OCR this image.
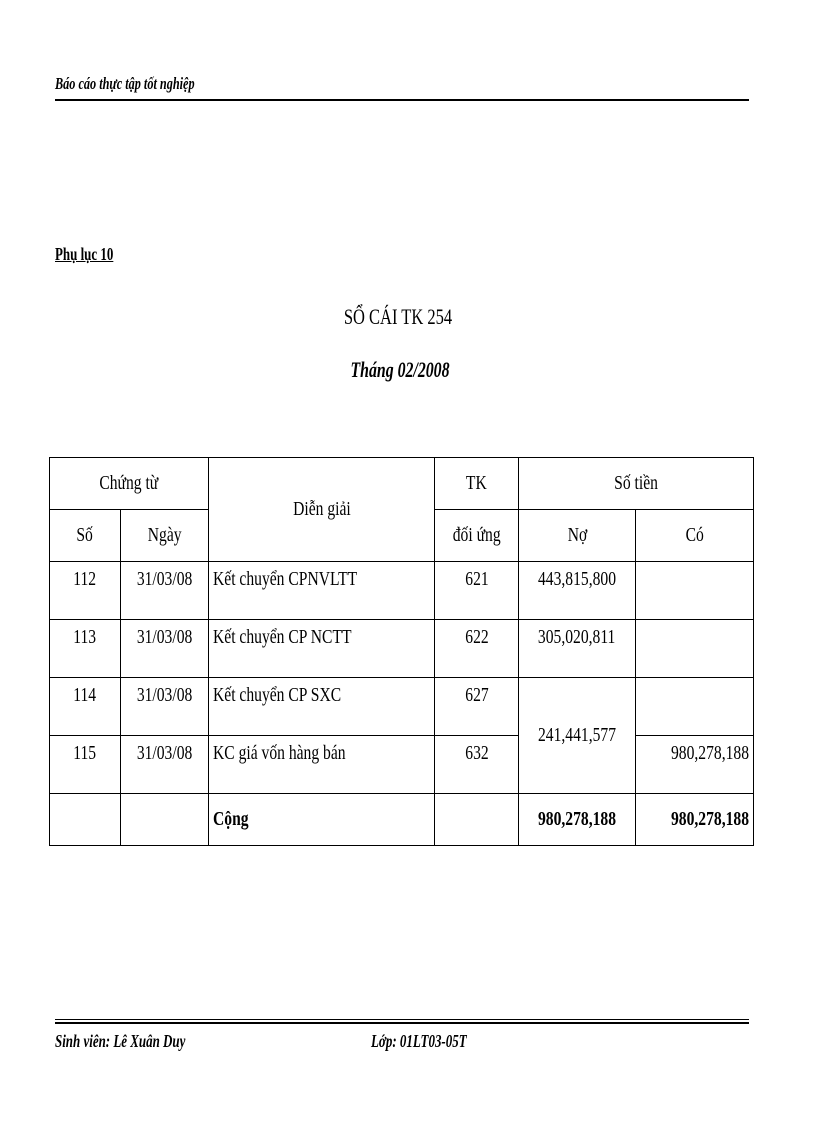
Báo cáo thực tập tốt nghiệp
Phụ lục 10
SỔ CÁI TK 254
Tháng 02/2008
Chứng từ		Diễn giải	TK	Số tiền	
Số	Ngày		đối ứng	Nợ	Có
112	31/03/08	Kết chuyển CPNVLTT	621	443,815,800	
113	31/03/08	Kết chuyển CP NCTT	622	305,020,811	
114	31/03/08	Kết chuyển CP SXC	627	241,441,577	
115	31/03/08	KC giá vốn hàng bán	632		980,278,188
		Cộng		980,278,188	980,278,188
Sinh viên: Lê Xuân Duy	Lớp: 01LT03-05T
